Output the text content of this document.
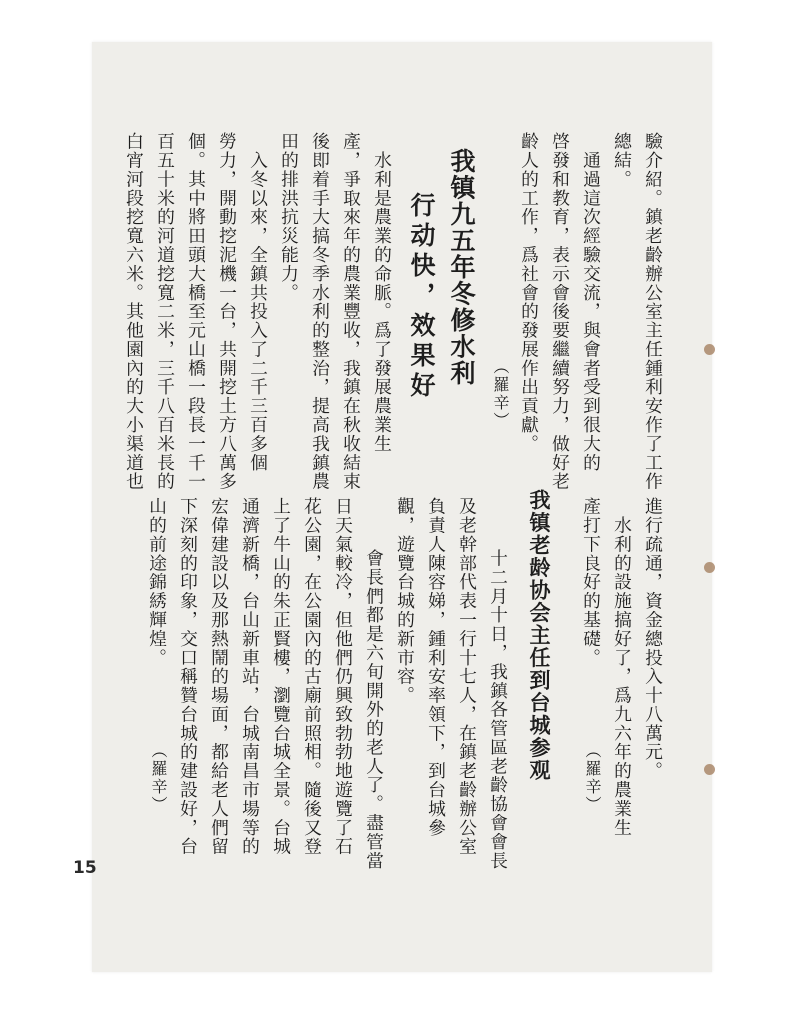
驗介紹。鎮老齡辦公室主任鍾利安作了工作
總結。
　通過這次經驗交流，與會者受到很大的
啓發和教育，表示會後要繼續努力，做好老
齡人的工作，爲社會的發展作出貢獻。
（羅辛）
我镇九五年冬修水利
行动快，效果好
　水利是農業的命脈。爲了發展農業生
產，爭取來年的農業豐收，我鎮在秋收結束
後即着手大搞冬季水利的整治，提高我鎮農
田的排洪抗災能力。
　入冬以來，全鎮共投入了二千三百多個
勞力，開動挖泥機一台，共開挖土方八萬多
個。其中將田頭大橋至元山橋一段長一千一
百五十米的河道挖寬二米，三千八百米長的
白宵河段挖寬六米。其他園內的大小渠道也
進行疏通，資金總投入十八萬元。
　水利的設施搞好了，爲九六年的農業生
產打下良好的基礎。
（羅辛）
我镇老龄协会主任到台城参观
　十二月十日，我鎮各管區老齡協會會長
及老幹部代表一行十七人，在鎮老齡辦公室
負責人陳容娣，鍾利安率領下，到台城參
觀，遊覽台城的新市容。
　會長們都是六旬開外的老人了。盡管當
日天氣較冷，但他們仍興致勃勃地遊覽了石
花公園，在公園內的古廟前照相。隨後又登
上了牛山的朱正賢樓，瀏覽台城全景。台城
通濟新橋，台山新車站，台城南昌市場等的
宏偉建設以及那熱鬧的場面，都給老人們留
下深刻的印象，交口稱贊台城的建設好，台
山的前途錦綉輝煌。
（羅辛）
15
